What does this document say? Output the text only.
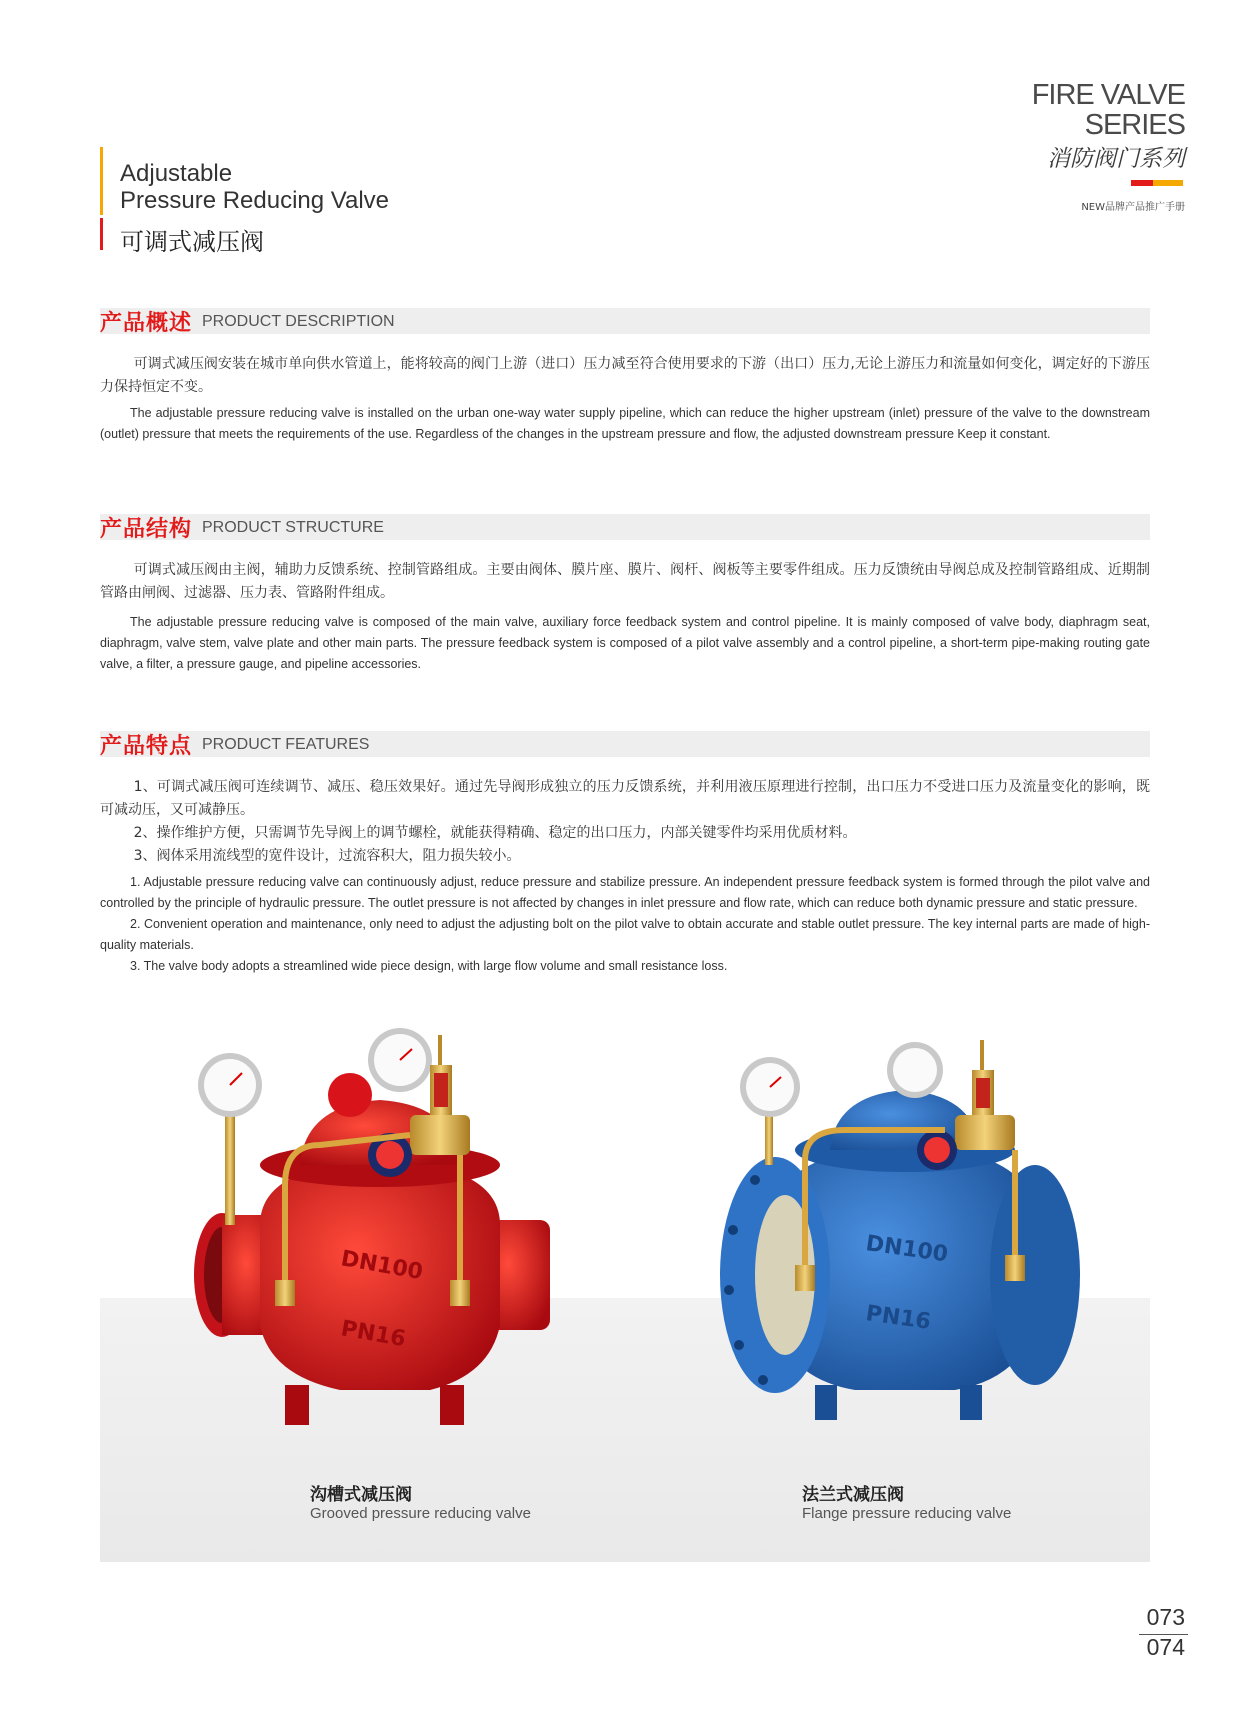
FIRE VALVE
SERIES
消防阀门系列
NEW品牌产品推广手册
Adjustable
Pressure Reducing Valve
可调式减压阀
产品概述 PRODUCT DESCRIPTION
可调式减压阀安装在城市单向供水管道上，能将较高的阀门上游（进口）压力减至符合使用要求的下游（出口）压力,无论上游压力和流量如何变化，调定好的下游压力保持恒定不变。
The adjustable pressure reducing valve is installed on the urban one-way water supply pipeline, which can reduce the higher upstream (inlet) pressure of the valve to the downstream (outlet) pressure that meets the requirements of the use. Regardless of the changes in the upstream pressure and flow, the adjusted downstream pressure Keep it constant.
产品结构 PRODUCT STRUCTURE
可调式减压阀由主阀，辅助力反馈系统、控制管路组成。主要由阀体、膜片座、膜片、阀杆、阀板等主要零件组成。压力反馈统由导阀总成及控制管路组成、近期制管路由闸阀、过滤器、压力表、管路附件组成。
The adjustable pressure reducing valve is composed of the main valve, auxiliary force feedback system and control pipeline. It is mainly composed of valve body, diaphragm seat, diaphragm, valve stem, valve plate and other main parts. The pressure feedback system is composed of a pilot valve assembly and a control pipeline, a short-term pipe-making routing gate valve, a filter, a pressure gauge, and pipeline accessories.
产品特点 PRODUCT FEATURES

1、可调式减压阀可连续调节、减压、稳压效果好。通过先导阀形成独立的压力反馈系统，并利用液压原理进行控制，出口压力不受进口压力及流量变化的影响，既可减动压，又可减静压。

2、操作维护方便，只需调节先导阀上的调节螺栓，就能获得精确、稳定的出口压力，内部关键零件均采用优质材料。

3、阀体采用流线型的宽件设计，过流容积大，阻力损失较小。

1. Adjustable pressure reducing valve can continuously adjust, reduce pressure and stabilize pressure. An independent pressure feedback system is formed through the pilot valve and controlled by the principle of hydraulic pressure. The outlet pressure is not affected by changes in inlet pressure and flow rate, which can reduce both dynamic pressure and static pressure.

2. Convenient operation and maintenance, only need to adjust the adjusting bolt on the pilot valve to obtain accurate and stable outlet pressure. The key internal parts are made of high-quality materials.

3. The valve body adopts a streamlined wide piece design, with large flow volume and small resistance loss.

DN100
PN16
DN100
PN16
沟槽式减压阀
Grooved pressure reducing valve
法兰式减压阀
Flange pressure reducing valve
073
074
